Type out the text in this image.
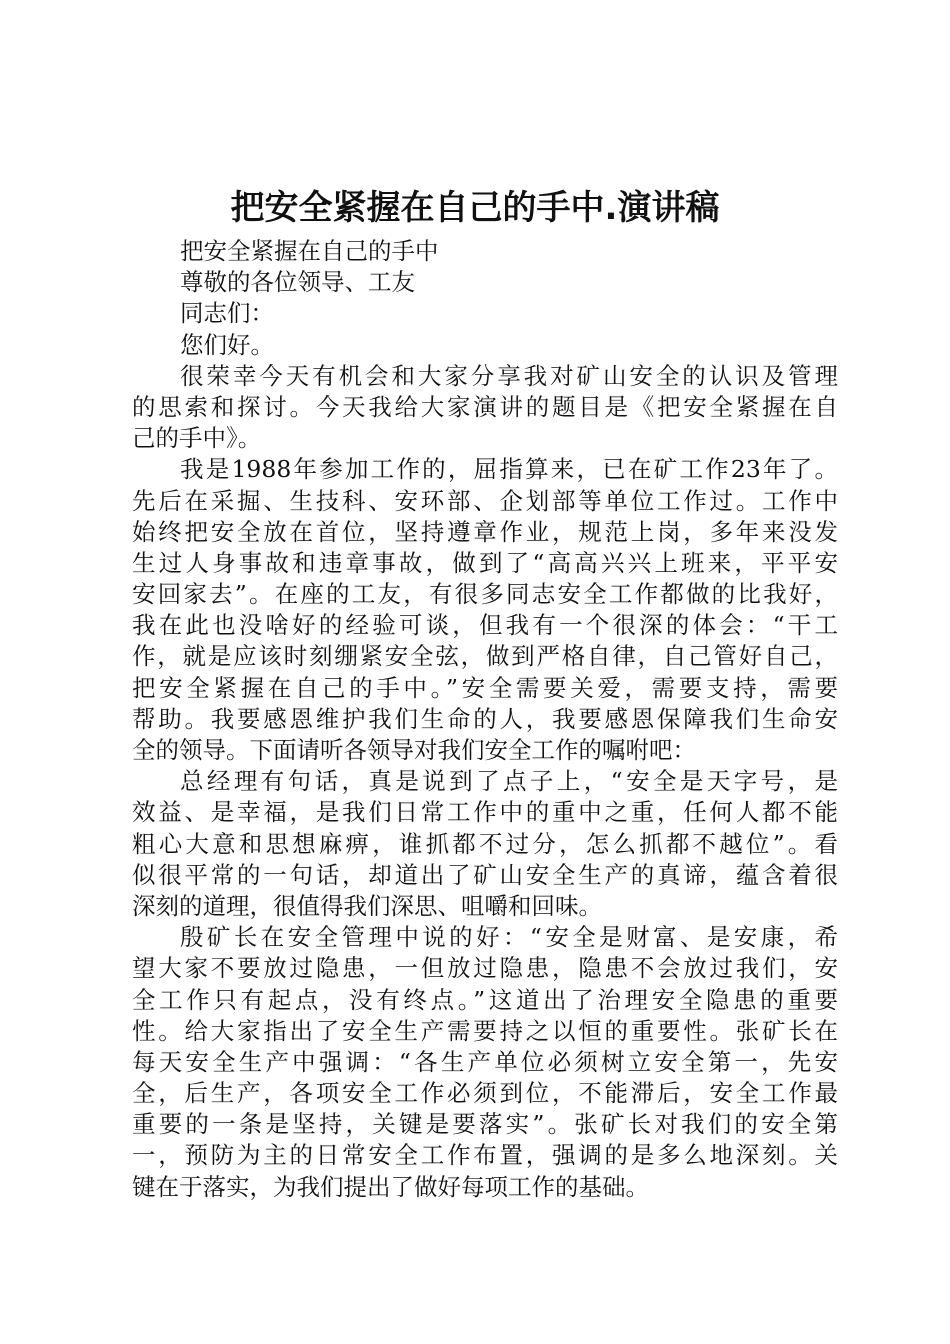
把安全紧握在自己的手中.演讲稿
把安全紧握在自己的手中
尊敬的各位领导、工友
同志们：
您们好。
很荣幸今天有机会和大家分享我对矿山安全的认识及管理
的思索和探讨。今天我给大家演讲的题目是《把安全紧握在自
己的手中》。
我是1988年参加工作的，屈指算来，已在矿工作23年了。
先后在采掘、生技科、安环部、企划部等单位工作过。工作中
始终把安全放在首位，坚持遵章作业，规范上岗，多年来没发
生过人身事故和违章事故，做到了“高高兴兴上班来，平平安
安回家去”。在座的工友，有很多同志安全工作都做的比我好，
我在此也没啥好的经验可谈，但我有一个很深的体会：“干工
作，就是应该时刻绷紧安全弦，做到严格自律，自己管好自己，
把安全紧握在自己的手中。”安全需要关爱，需要支持，需要
帮助。我要感恩维护我们生命的人，我要感恩保障我们生命安
全的领导。下面请听各领导对我们安全工作的嘱咐吧：
总经理有句话，真是说到了点子上，“安全是天字号，是
效益、是幸福，是我们日常工作中的重中之重，任何人都不能
粗心大意和思想麻痹，谁抓都不过分，怎么抓都不越位”。看
似很平常的一句话，却道出了矿山安全生产的真谛，蕴含着很
深刻的道理，很值得我们深思、咀嚼和回味。
殷矿长在安全管理中说的好：“安全是财富、是安康，希
望大家不要放过隐患，一但放过隐患，隐患不会放过我们，安
全工作只有起点，没有终点。”这道出了治理安全隐患的重要
性。给大家指出了安全生产需要持之以恒的重要性。张矿长在
每天安全生产中强调：“各生产单位必须树立安全第一，先安
全，后生产，各项安全工作必须到位，不能滞后，安全工作最
重要的一条是坚持，关键是要落实”。张矿长对我们的安全第
一，预防为主的日常安全工作布置，强调的是多么地深刻。关
键在于落实，为我们提出了做好每项工作的基础。
